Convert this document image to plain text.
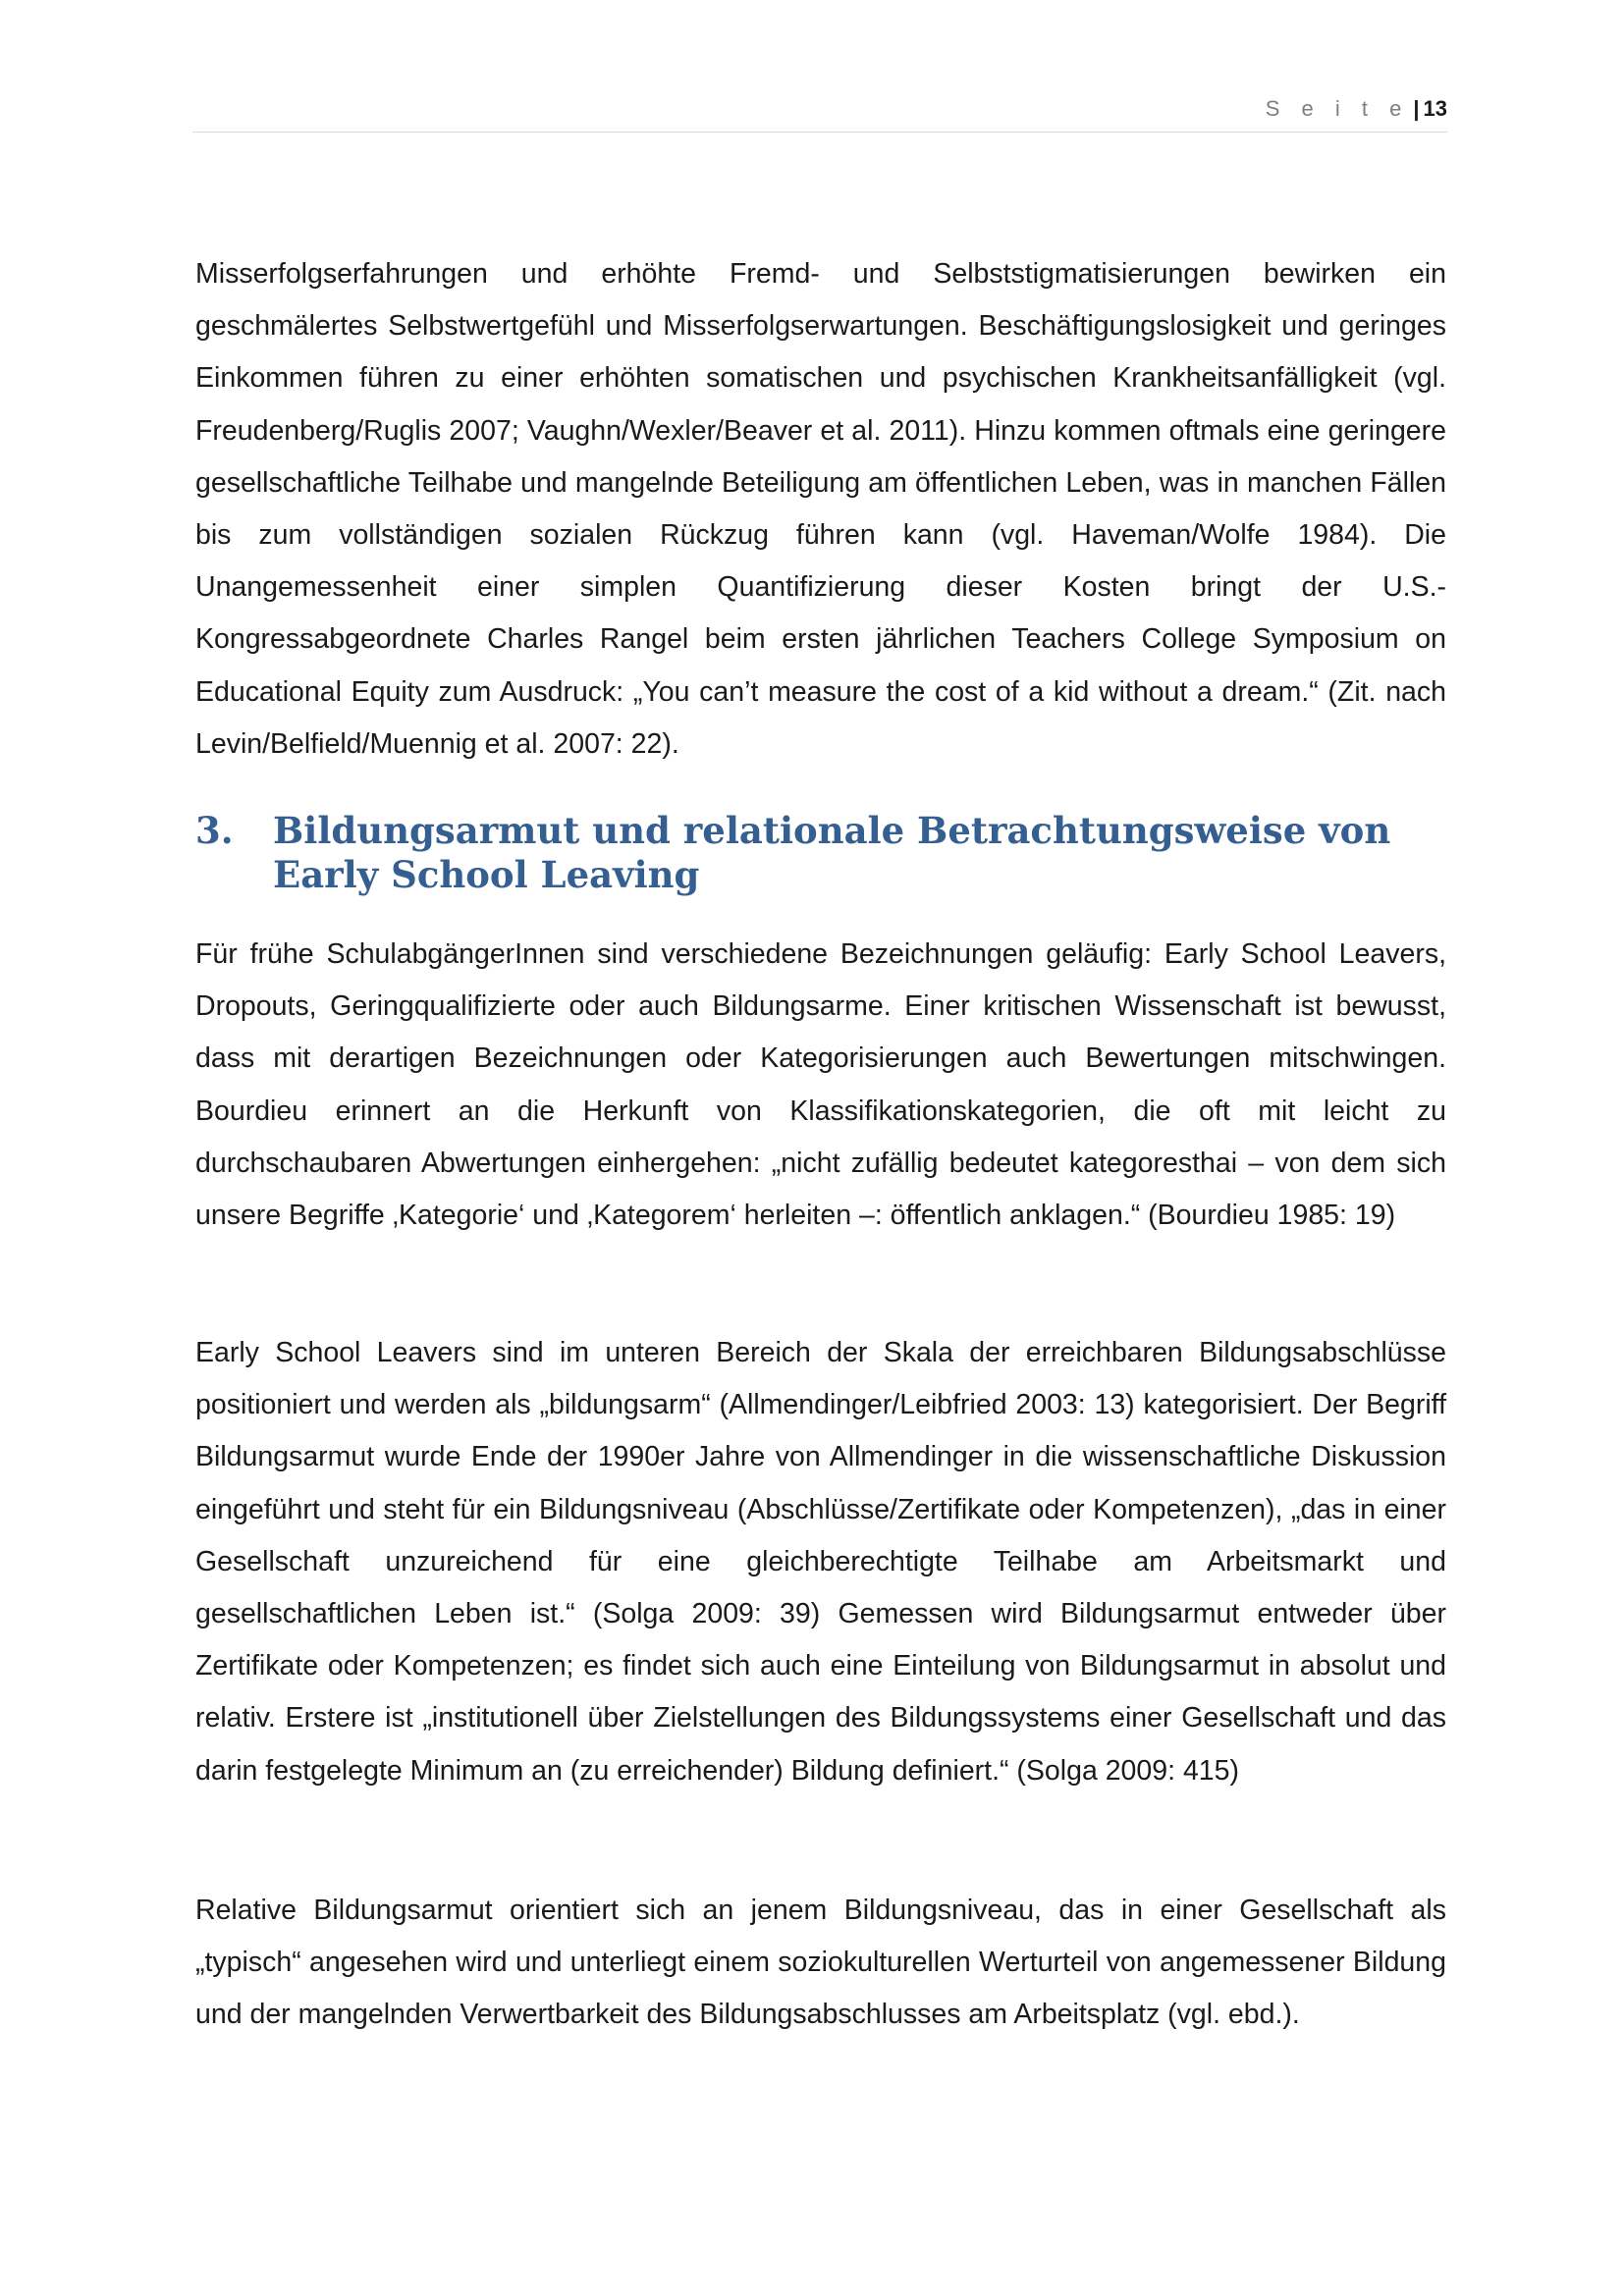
S e i t e | 13

Misserfolgserfahrungen und erhöhte Fremd- und Selbststigmatisierungen bewirken ein geschmälertes Selbstwertgefühl und Misserfolgserwartungen. Beschäftigungslosigkeit und geringes Einkommen führen zu einer erhöhten somatischen und psychischen Krankheitsanfälligkeit (vgl. Freudenberg/Ruglis 2007; Vaughn/Wexler/Beaver et al. 2011). Hinzu kommen oftmals eine geringere gesellschaftliche Teilhabe und mangelnde Beteiligung am öffentlichen Leben, was in manchen Fällen bis zum vollständigen sozialen Rückzug führen kann (vgl. Haveman/Wolfe 1984). Die Unangemessenheit einer simplen Quantifizierung dieser Kosten bringt der U.S.-Kongressabgeordnete Charles Rangel beim ersten jährlichen Teachers College Symposium on Educational Equity zum Ausdruck: „You can’t measure the cost of a kid without a dream.“ (Zit. nach Levin/Belfield/Muennig et al. 2007: 22).

3. Bildungsarmut und relationale Betrachtungsweise von Early School Leaving

Für frühe SchulabgängerInnen sind verschiedene Bezeichnungen geläufig: Early School Leavers, Dropouts, Geringqualifizierte oder auch Bildungsarme. Einer kritischen Wissenschaft ist bewusst, dass mit derartigen Bezeichnungen oder Kategorisierungen auch Bewertungen mitschwingen. Bourdieu erinnert an die Herkunft von Klassifikationskategorien, die oft mit leicht zu durchschaubaren Abwertungen einhergehen: „nicht zufällig bedeutet kategoresthai – von dem sich unsere Begriffe ‚Kategorie‘ und ‚Kategorem‘ herleiten –: öffentlich anklagen.“ (Bourdieu 1985: 19)

Early School Leavers sind im unteren Bereich der Skala der erreichbaren Bildungsabschlüsse positioniert und werden als „bildungsarm“ (Allmendinger/Leibfried 2003: 13) kategorisiert. Der Begriff Bildungsarmut wurde Ende der 1990er Jahre von Allmendinger in die wissenschaftliche Diskussion eingeführt und steht für ein Bildungsniveau (Abschlüsse/Zertifikate oder Kompetenzen), „das in einer Gesellschaft unzureichend für eine gleichberechtigte Teilhabe am Arbeitsmarkt und gesellschaftlichen Leben ist.“ (Solga 2009: 39) Gemessen wird Bildungsarmut entweder über Zertifikate oder Kompetenzen; es findet sich auch eine Einteilung von Bildungsarmut in absolut und relativ. Erstere ist „institutionell über Zielstellungen des Bildungssystems einer Gesellschaft und das darin festgelegte Minimum an (zu erreichender) Bildung definiert.“ (Solga 2009: 415)

Relative Bildungsarmut orientiert sich an jenem Bildungsniveau, das in einer Gesellschaft als „typisch“ angesehen wird und unterliegt einem soziokulturellen Werturteil von angemessener Bildung und der mangelnden Verwertbarkeit des Bildungsabschlusses am Arbeitsplatz (vgl. ebd.).
